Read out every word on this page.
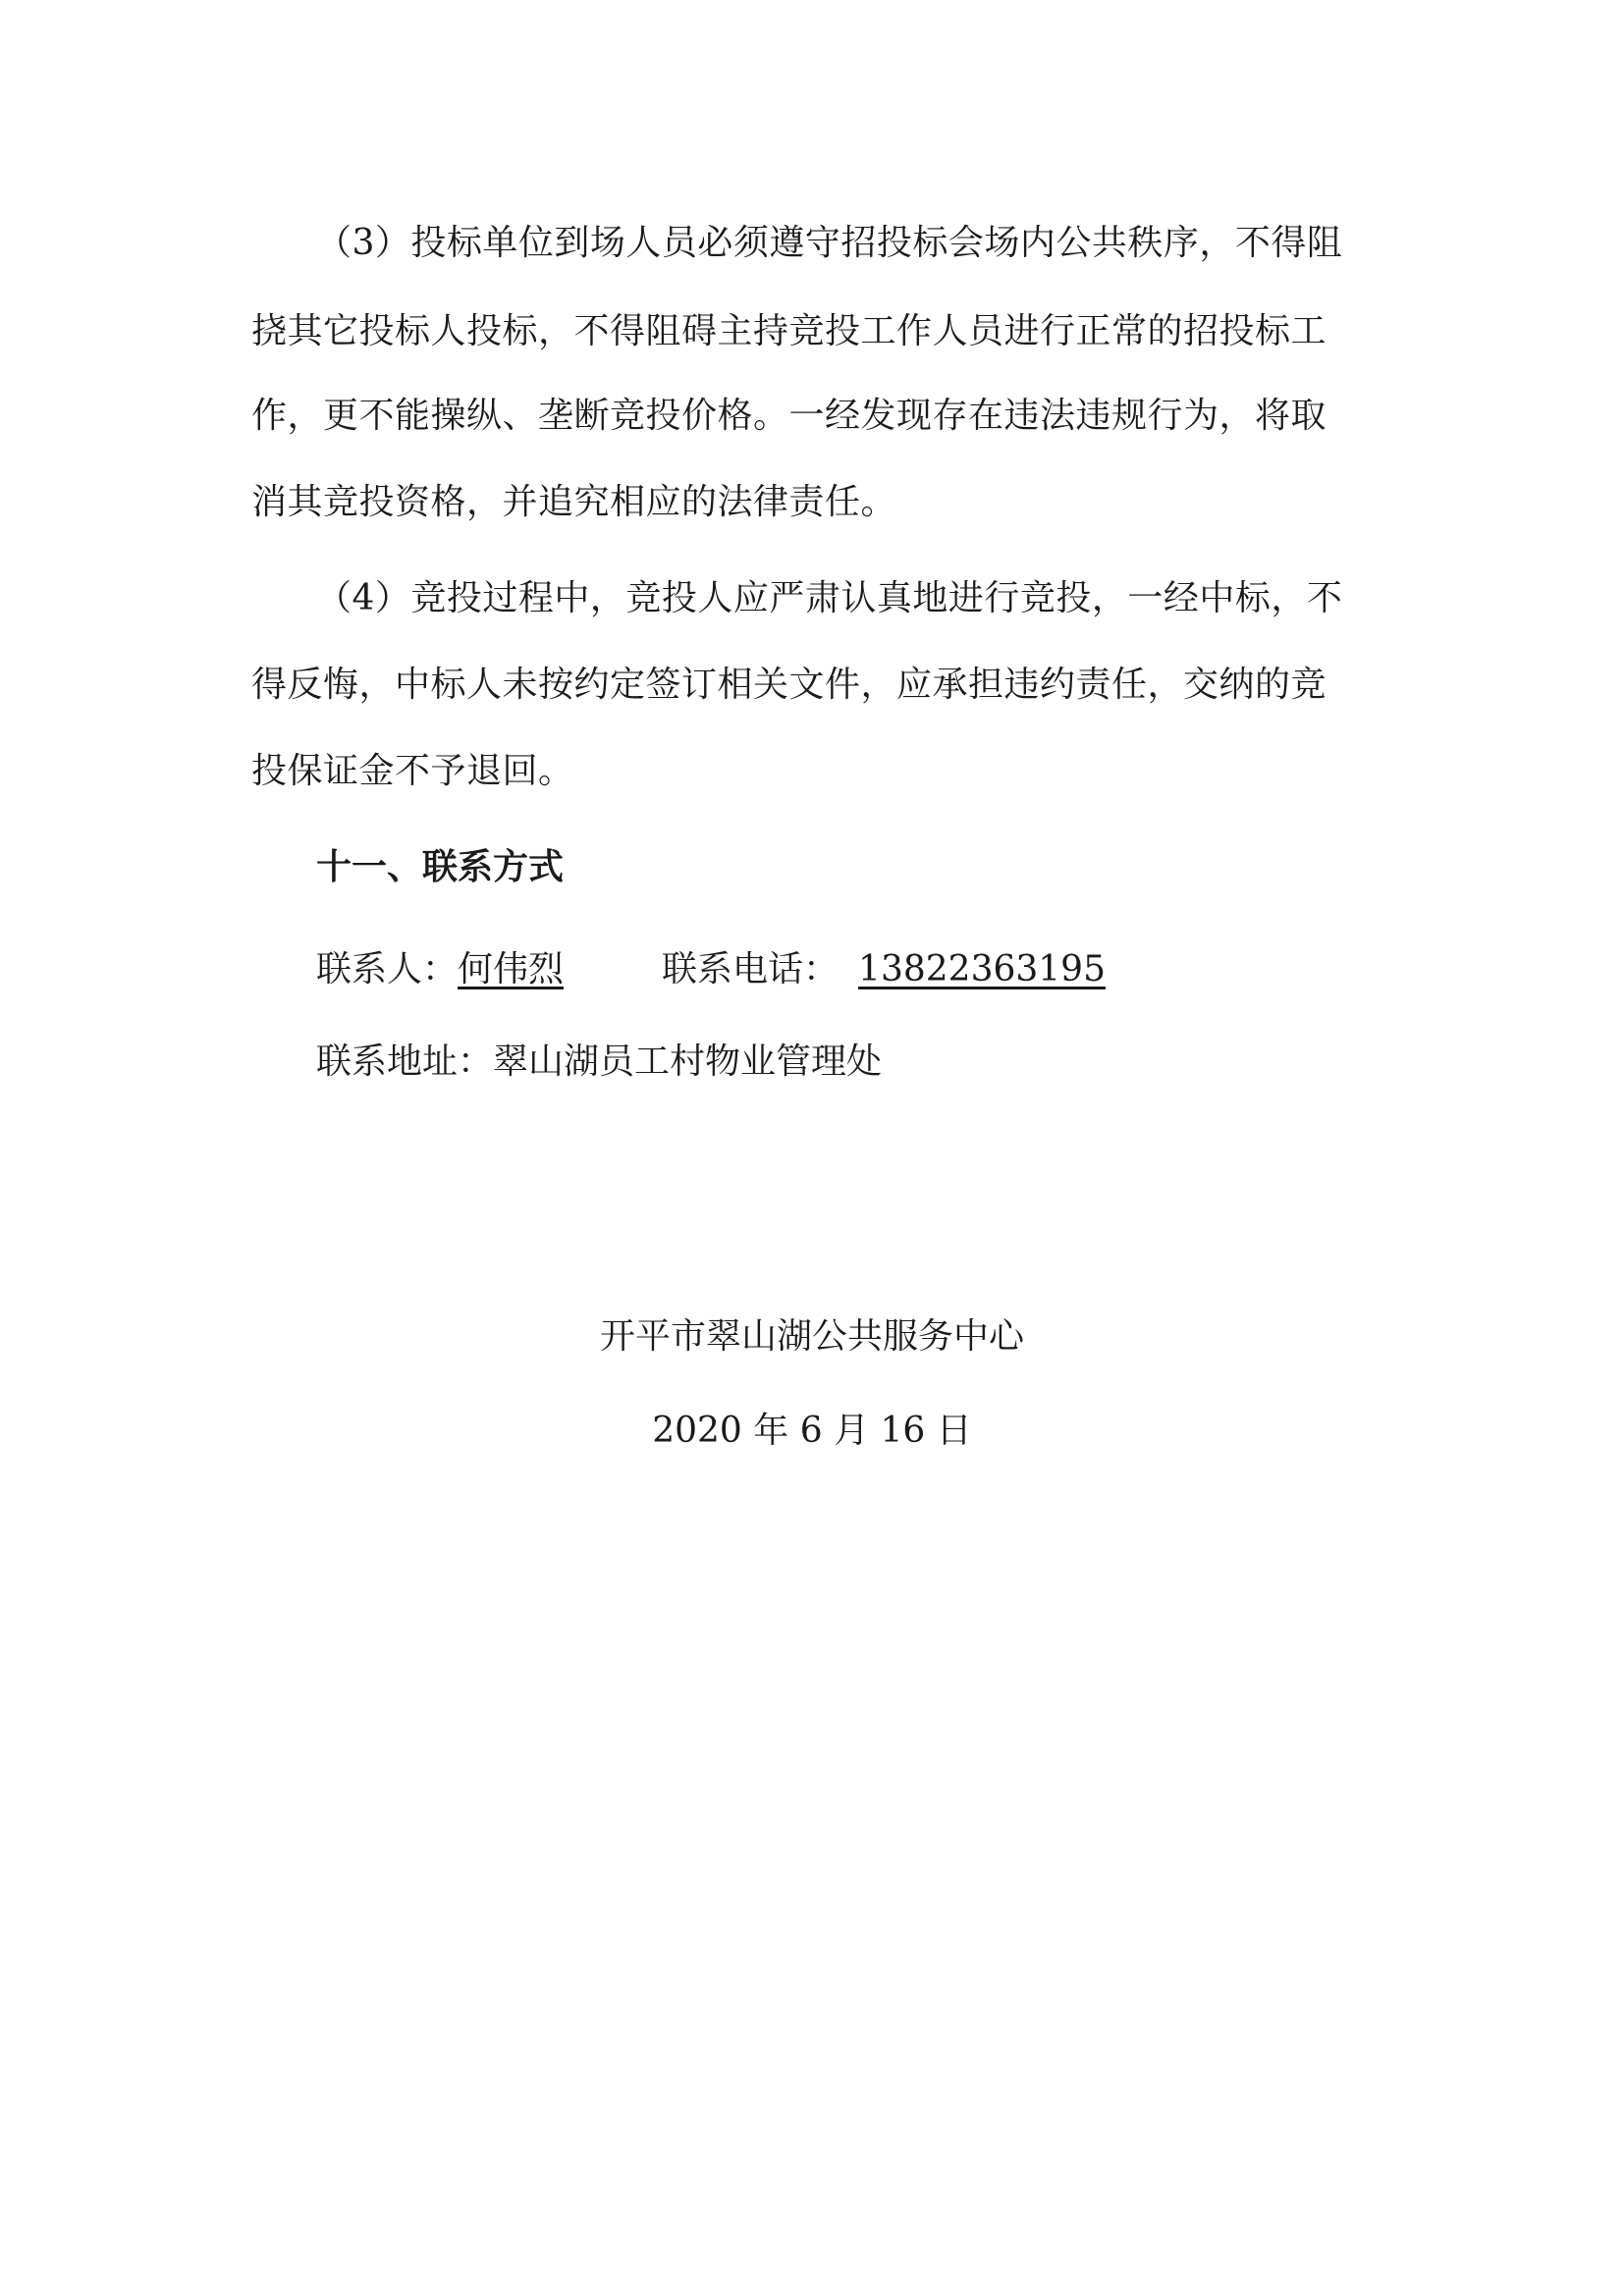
（3）投标单位到场人员必须遵守招投标会场内公共秩序，不得阻
挠其它投标人投标，不得阻碍主持竞投工作人员进行正常的招投标工
作，更不能操纵、垄断竞投价格。一经发现存在违法违规行为，将取
消其竞投资格，并追究相应的法律责任。
（4）竞投过程中，竞投人应严肃认真地进行竞投，一经中标，不
得反悔，中标人未按约定签订相关文件，应承担违约责任，交纳的竞
投保证金不予退回。
十一、联系方式
联系人：何伟烈	联系电话： 13822363195
联系地址：翠山湖员工村物业管理处
开平市翠山湖公共服务中心
2020 年 6 月 16 日
